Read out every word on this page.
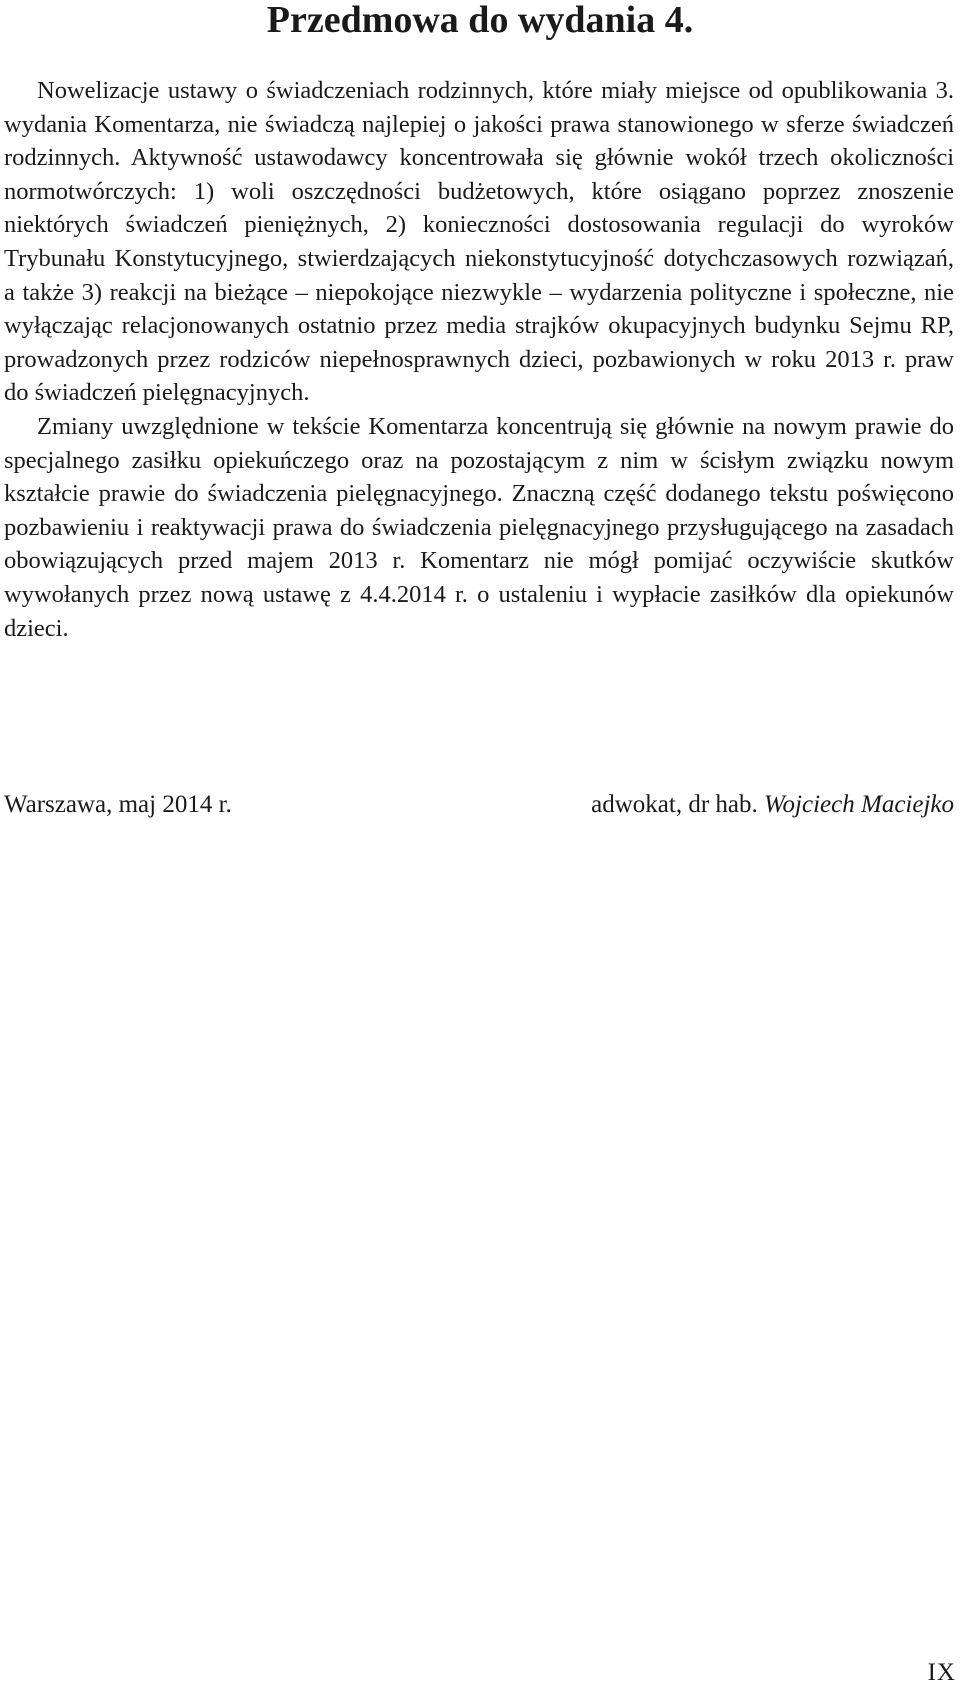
Przedmowa do wydania 4.

Nowelizacje ustawy o świadczeniach rodzinnych, które miały miejsce od opublikowania 3. wydania Komentarza, nie świadczą najlepiej o jakości prawa stanowionego w sferze świadczeń rodzinnych. Aktywność ustawodawcy koncentrowała się głównie wokół trzech okoliczności normotwórczych: 1) woli oszczędności budżetowych, które osiągano poprzez znoszenie niektórych świadczeń pieniężnych, 2) konieczności dostosowania regulacji do wyroków Trybunału Konstytucyjnego, stwierdzających niekonstytucyjność dotychczasowych rozwiązań, a także 3) reakcji na bieżące – niepokojące niezwykle – wydarzenia polityczne i społeczne, nie wyłączając relacjonowanych ostatnio przez media strajków okupacyjnych budynku Sejmu RP, prowadzonych przez rodziców niepełnosprawnych dzieci, pozbawionych w roku 2013 r. praw do świadczeń pielęgnacyjnych.

Zmiany uwzględnione w tekście Komentarza koncentrują się głównie na nowym prawie do specjalnego zasiłku opiekuńczego oraz na pozostającym z nim w ścisłym związku nowym kształcie prawie do świadczenia pielęgnacyjnego. Znaczną część dodanego tekstu poświęcono pozbawieniu i reaktywacji prawa do świadczenia pielęgnacyjnego przysługującego na zasadach obowiązujących przed majem 2013 r. Komentarz nie mógł pomijać oczywiście skutków wywołanych przez nową ustawę z 4.4.2014 r. o ustaleniu i wypłacie zasiłków dla opiekunów dzieci.

Warszawa, maj 2014 r.	adwokat, dr hab. Wojciech Maciejko
IX
